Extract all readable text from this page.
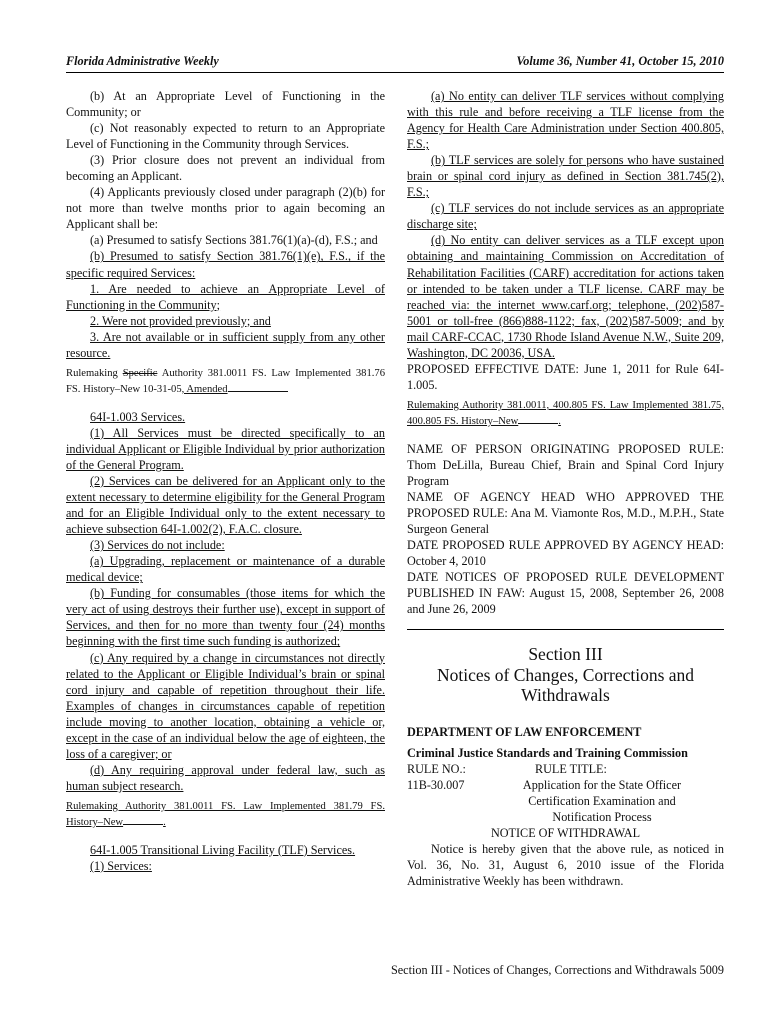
Florida Administrative Weekly	Volume 36, Number 41, October 15, 2010

(b) At an Appropriate Level of Functioning in the Community; or

(c) Not reasonably expected to return to an Appropriate Level of Functioning in the Community through Services.

(3) Prior closure does not prevent an individual from becoming an Applicant.

(4) Applicants previously closed under paragraph (2)(b) for not more than twelve months prior to again becoming an Applicant shall be:

(a) Presumed to satisfy Sections 381.76(1)(a)-(d), F.S.; and

(b) Presumed to satisfy Section 381.76(1)(e), F.S., if the specific required Services:

1. Are needed to achieve an Appropriate Level of Functioning in the Community;

2. Were not provided previously; and

3. Are not available or in sufficient supply from any other resource.

Rulemaking Specific Authority 381.0011 FS. Law Implemented 381.76 FS. History–New 10-31-05, Amended

64I-1.003 Services.

(1) All Services must be directed specifically to an individual Applicant or Eligible Individual by prior authorization of the General Program.

(2) Services can be delivered for an Applicant only to the extent necessary to determine eligibility for the General Program and for an Eligible Individual only to the extent necessary to achieve subsection 64I-1.002(2), F.A.C. closure.

(3) Services do not include:

(a) Upgrading, replacement or maintenance of a durable medical device;

(b) Funding for consumables (those items for which the very act of using destroys their further use), except in support of Services, and then for no more than twenty four (24) months beginning with the first time such funding is authorized;

(c) Any required by a change in circumstances not directly related to the Applicant or Eligible Individual’s brain or spinal cord injury and capable of repetition throughout their life. Examples of changes in circumstances capable of repetition include moving to another location, obtaining a vehicle or, except in the case of an individual below the age of eighteen, the loss of a caregiver; or

(d) Any requiring approval under federal law, such as human subject research.

Rulemaking Authority 381.0011 FS. Law Implemented 381.79 FS. History–New	.

64I-1.005 Transitional Living Facility (TLF) Services.

(1) Services:

(a) No entity can deliver TLF services without complying with this rule and before receiving a TLF license from the Agency for Health Care Administration under Section 400.805, F.S.;

(b) TLF services are solely for persons who have sustained brain or spinal cord injury as defined in Section 381.745(2), F.S.;

(c) TLF services do not include services as an appropriate discharge site;

(d) No entity can deliver services as a TLF except upon obtaining and maintaining Commission on Accreditation of Rehabilitation Facilities (CARF) accreditation for actions taken or intended to be taken under a TLF license. CARF may be reached via: the internet www.carf.org; telephone, (202)587-5001 or toll-free (866)888-1122; fax, (202)587-5009; and by mail CARF-CCAC, 1730 Rhode Island Avenue N.W., Suite 209, Washington, DC 20036, USA.

PROPOSED EFFECTIVE DATE: June 1, 2011 for Rule 64I-1.005.

Rulemaking Authority 381.0011, 400.805 FS. Law Implemented 381.75, 400.805 FS. History–New	.

NAME OF PERSON ORIGINATING PROPOSED RULE: Thom DeLilla, Bureau Chief, Brain and Spinal Cord Injury Program

NAME OF AGENCY HEAD WHO APPROVED THE PROPOSED RULE: Ana M. Viamonte Ros, M.D., M.P.H., State Surgeon General

DATE PROPOSED RULE APPROVED BY AGENCY HEAD: October 4, 2010

DATE NOTICES OF PROPOSED RULE DEVELOPMENT PUBLISHED IN FAW: August 15, 2008, September 26, 2008 and June 26, 2009

Section III

Notices of Changes, Corrections and Withdrawals

DEPARTMENT OF LAW ENFORCEMENT

Criminal Justice Standards and Training Commission

RULE NO.:	RULE TITLE:
11B-30.007	Application for the State Officer Certification Examination and Notification Process

NOTICE OF WITHDRAWAL

Notice is hereby given that the above rule, as noticed in Vol. 36, No. 31, August 6, 2010 issue of the Florida Administrative Weekly has been withdrawn.

Section III - Notices of Changes, Corrections and Withdrawals 5009
